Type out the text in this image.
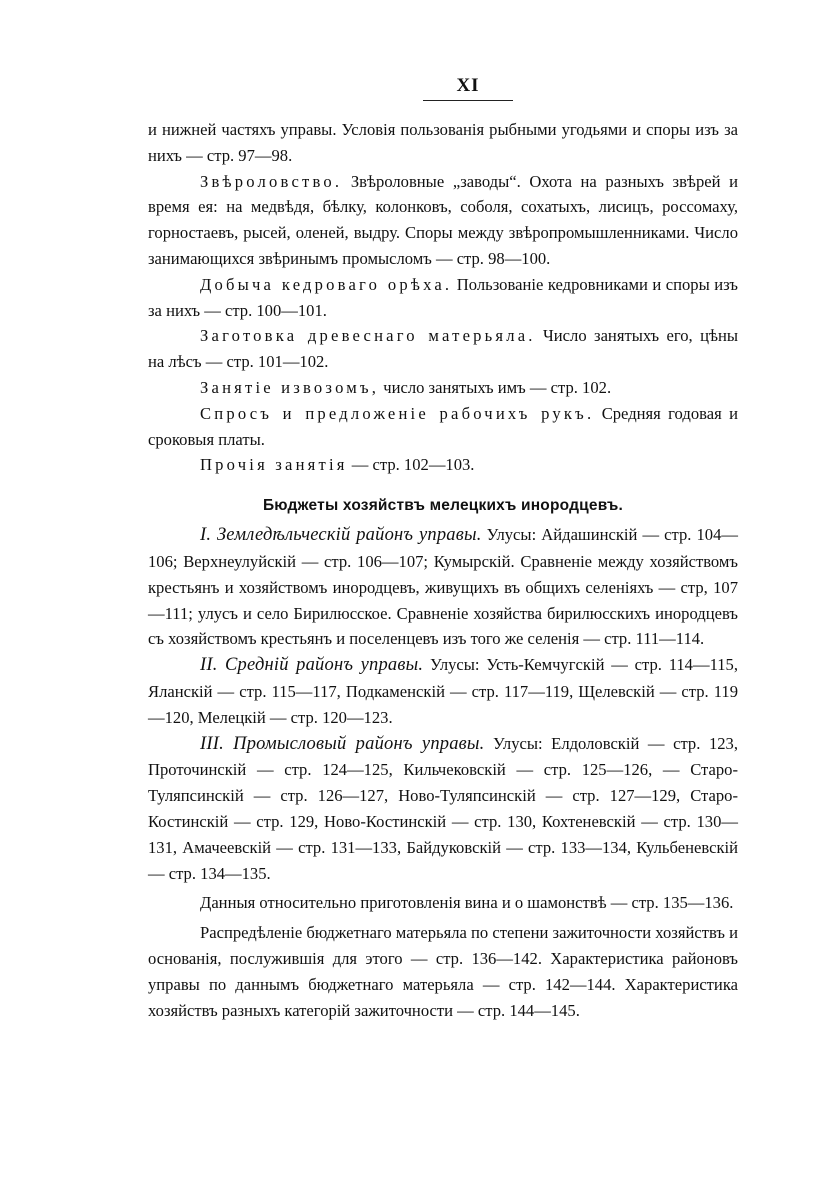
XI

и нижней частяхъ управы. Условія пользованія рыбными угодьями и споры изъ за нихъ — стр. 97—98.

Звѣроловство. Звѣроловные „заводы“. Охота на разныхъ звѣрей и время ея: на медвѣдя, бѣлку, колонковъ, соболя, сохатыхъ, лисицъ, россомаху, горностаевъ, рысей, оленей, выдру. Споры между звѣропромышленниками. Число занимающихся звѣринымъ промысломъ — стр. 98—100.

Добыча кедроваго орѣха. Пользованіе кедровниками и споры изъ за нихъ — стр. 100—101.

Заготовка древеснаго матерьяла. Число занятыхъ его, цѣны на лѣсъ — стр. 101—102.

Занятіе извозомъ, число занятыхъ имъ — стр. 102.

Спросъ и предложеніе рабочихъ рукъ. Средняя годовая и сроковыя платы.

Прочія занятія — стр. 102—103.

Бюджеты хозяйствъ мелецкихъ инородцевъ.

I. Земледѣльческій районъ управы. Улусы: Айдашинскій — стр. 104—106; Верхнеулуйскій — стр. 106—107; Кумырскій. Сравненіе между хозяйствомъ крестьянъ и хозяйствомъ инородцевъ, живущихъ въ общихъ селеніяхъ — стр, 107—111; улусъ и село Бирилюсское. Сравненіе хозяйства бирилюсскихъ инородцевъ съ хозяйствомъ крестьянъ и поселенцевъ изъ того же селенія — стр. 111—114.

II. Средній районъ управы. Улусы: Усть-Кемчугскій — стр. 114—115, Яланскій — стр. 115—117, Подкаменскій — стр. 117—119, Щелевскій — стр. 119—120, Мелецкій — стр. 120—123.

III. Промысловый районъ управы. Улусы: Елдоловскій — стр. 123, Проточинскій — стр. 124—125, Кильчековскій — стр. 125—126, — Старо-Туляпсинскій — стр. 126—127, Ново-Туляпсинскій — стр. 127—129, Старо-Костинскій — стр. 129, Ново-Костинскій — стр. 130, Кохтеневскій — стр. 130—131, Амачеевскій — стр. 131—133, Байдуковскій — стр. 133—134, Кульбеневскій — стр. 134—135.

Данныя относительно приготовленія вина и о шамонствѣ — стр. 135—136.

Распредѣленіе бюджетнаго матерьяла по степени зажиточности хозяйствъ и основанія, послужившія для этого — стр. 136—142. Характеристика районовъ управы по даннымъ бюджетнаго матерьяла — стр. 142—144. Характеристика хозяйствъ разныхъ категорій зажиточности — стр. 144—145.
